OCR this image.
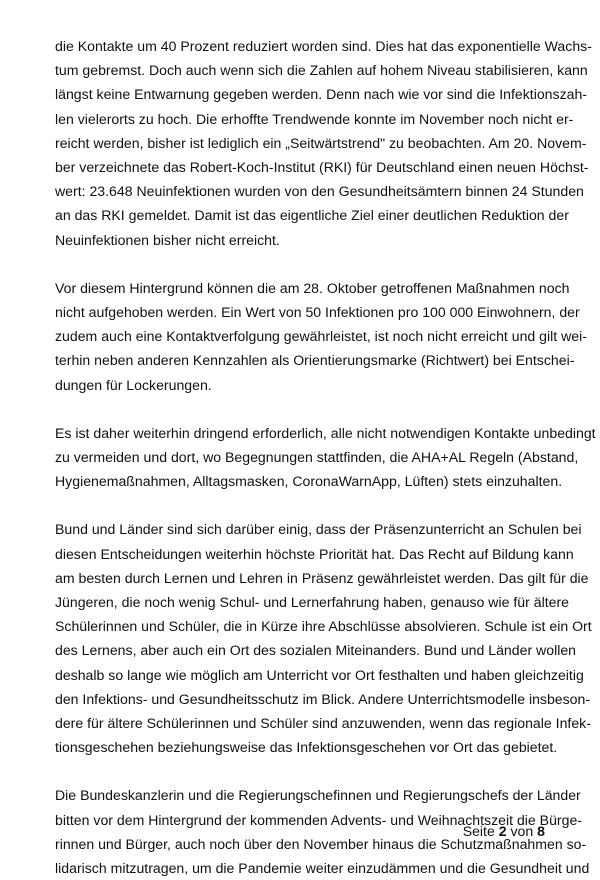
die Kontakte um 40 Prozent reduziert worden sind. Dies hat das exponentielle Wachs-
tum gebremst. Doch auch wenn sich die Zahlen auf hohem Niveau stabilisieren, kann
längst keine Entwarnung gegeben werden. Denn nach wie vor sind die Infektionszah-
len vielerorts zu hoch. Die erhoffte Trendwende konnte im November noch nicht er-
reicht werden, bisher ist lediglich ein „Seitwärtstrend" zu beobachten. Am 20. Novem-
ber verzeichnete das Robert-Koch-Institut (RKI) für Deutschland einen neuen Höchst-
wert: 23.648 Neuinfektionen wurden von den Gesundheitsämtern binnen 24 Stunden
an das RKI gemeldet. Damit ist das eigentliche Ziel einer deutlichen Reduktion der
Neuinfektionen bisher nicht erreicht.

Vor diesem Hintergrund können die am 28. Oktober getroffenen Maßnahmen noch
nicht aufgehoben werden. Ein Wert von 50 Infektionen pro 100 000 Einwohnern, der
zudem auch eine Kontaktverfolgung gewährleistet, ist noch nicht erreicht und gilt wei-
terhin neben anderen Kennzahlen als Orientierungsmarke (Richtwert) bei Entschei-
dungen für Lockerungen.

Es ist daher weiterhin dringend erforderlich, alle nicht notwendigen Kontakte unbedingt
zu vermeiden und dort, wo Begegnungen stattfinden, die AHA+AL Regeln (Abstand,
Hygienemaßnahmen, Alltagsmasken, CoronaWarnApp, Lüften) stets einzuhalten.

Bund und Länder sind sich darüber einig, dass der Präsenzunterricht an Schulen bei
diesen Entscheidungen weiterhin höchste Priorität hat. Das Recht auf Bildung kann
am besten durch Lernen und Lehren in Präsenz gewährleistet werden. Das gilt für die
Jüngeren, die noch wenig Schul- und Lernerfahrung haben, genauso wie für ältere
Schülerinnen und Schüler, die in Kürze ihre Abschlüsse absolvieren. Schule ist ein Ort
des Lernens, aber auch ein Ort des sozialen Miteinanders. Bund und Länder wollen
deshalb so lange wie möglich am Unterricht vor Ort festhalten und haben gleichzeitig
den Infektions- und Gesundheitsschutz im Blick. Andere Unterrichtsmodelle insbeson-
dere für ältere Schülerinnen und Schüler sind anzuwenden, wenn das regionale Infek-
tionsgeschehen beziehungsweise das Infektionsgeschehen vor Ort das gebietet.

Die Bundeskanzlerin und die Regierungschefinnen und Regierungschefs der Länder
bitten vor dem Hintergrund der kommenden Advents- und Weihnachtszeit die Bürge-
rinnen und Bürger, auch noch über den November hinaus die Schutzmaßnahmen so-
lidarisch mitzutragen, um die Pandemie weiter einzudämmen und die Gesundheit und

Seite 2 von 8
